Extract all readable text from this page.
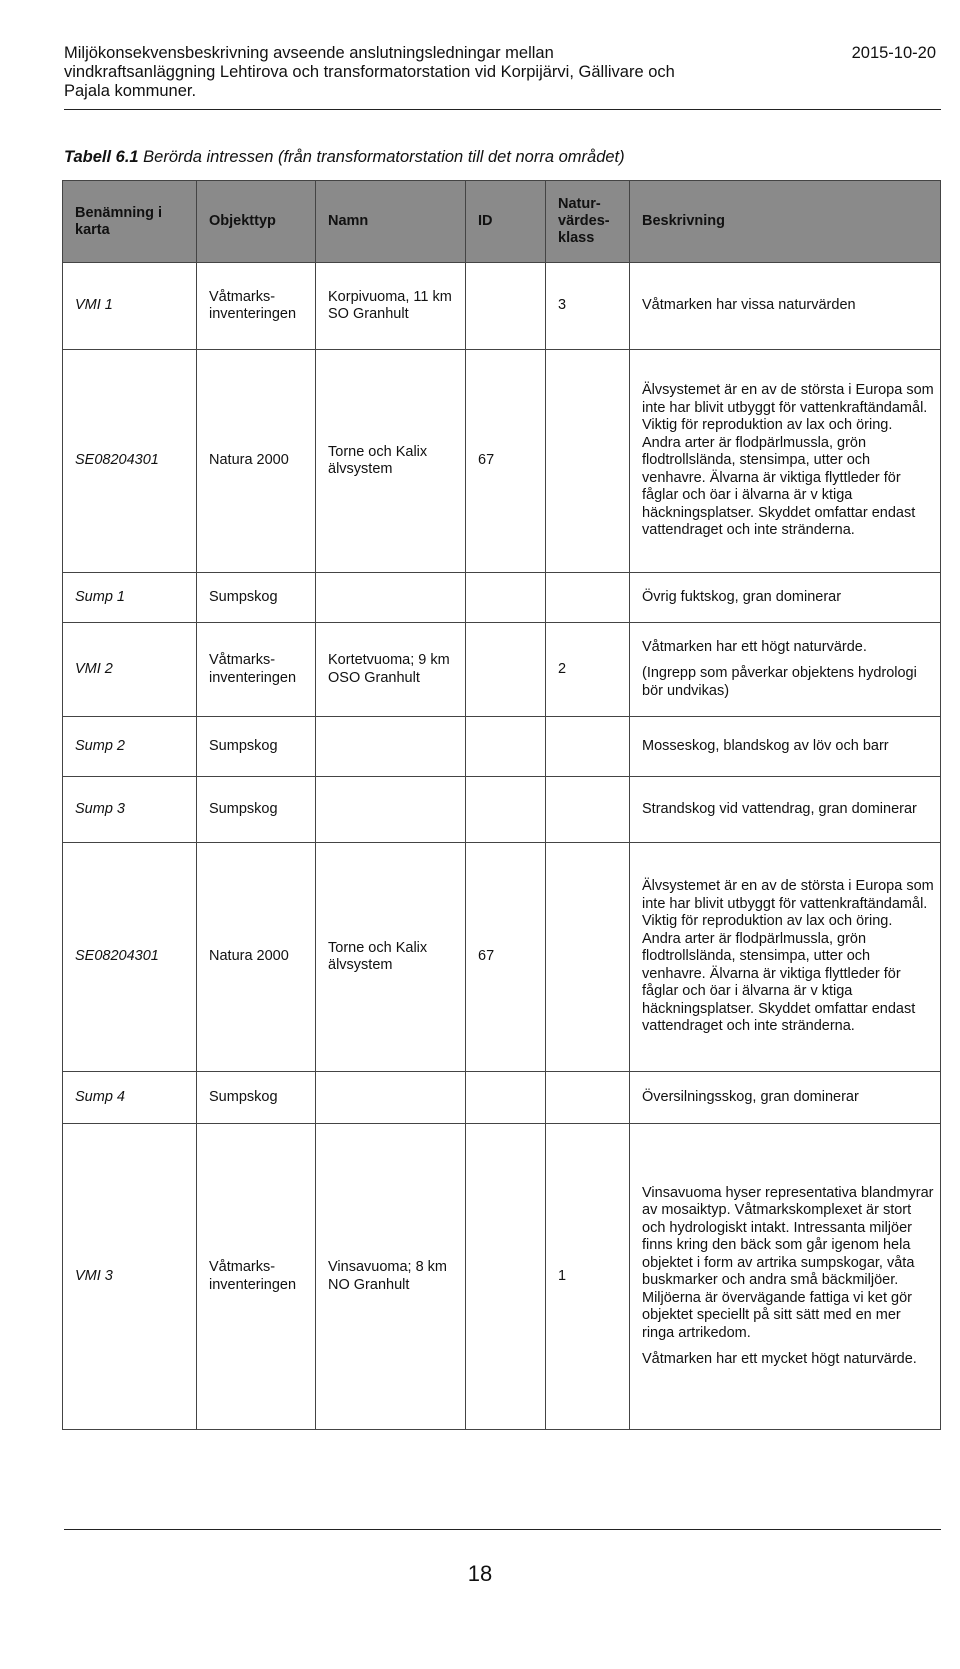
Miljökonsekvensbeskrivning avseende anslutningsledningar mellan vindkraftsanläggning Lehtirova och transformatorstation vid Korpijärvi, Gällivare och Pajala kommuner.
2015-10-20
Tabell 6.1 Berörda intressen (från transformatorstation till det norra området)
Benämning i karta	Objekttyp	Namn	ID	Natur-värdes-klass	Beskrivning
VMI 1	Våtmarks-inventeringen	Korpivuoma, 11 km SO Granhult		3	Våtmarken har vissa naturvärden

SE08204301	Natura 2000	Torne och Kalix älvsystem	67		Älvsystemet är en av de största i Europa som inte har blivit utbyggt för vattenkraftändamål. Viktig för reproduktion av lax och öring. Andra arter är flodpärlmussla, grön flodtrollslända, stensimpa, utter och venhavre. Älvarna är viktiga flyttleder för fåglar och öar i älvarna är v ktiga häckningsplatser. Skyddet omfattar endast vattendraget och inte stränderna.

Sump 1	Sumpskog				Övrig fuktskog, gran dominerar

VMI 2	Våtmarks-inventeringen	Kortetvuoma; 9 km OSO Granhult		2	Våtmarken har ett högt naturvärde.

(Ingrepp som påverkar objektens hydrologi bör undvikas)

Sump 2	Sumpskog				Mosseskog, blandskog av löv och barr

Sump 3	Sumpskog				Strandskog vid vattendrag, gran dominerar

SE08204301	Natura 2000	Torne och Kalix älvsystem	67		Älvsystemet är en av de största i Europa som inte har blivit utbyggt för vattenkraftändamål. Viktig för reproduktion av lax och öring. Andra arter är flodpärlmussla, grön flodtrollslända, stensimpa, utter och venhavre. Älvarna är viktiga flyttleder för fåglar och öar i älvarna är v ktiga häckningsplatser. Skyddet omfattar endast vattendraget och inte stränderna.

Sump 4	Sumpskog				Översilningsskog, gran dominerar

VMI 3	Våtmarks-inventeringen	Vinsavuoma; 8 km NO Granhult		1	Vinsavuoma hyser representativa blandmyrar av mosaiktyp. Våtmarkskomplexet är stort och hydrologiskt intakt. Intressanta miljöer finns kring den bäck som går igenom hela objektet i form av artrika sumpskogar, våta buskmarker och andra små bäckmiljöer. Miljöerna är övervägande fattiga vi ket gör objektet speciellt på sitt sätt med en mer ringa artrikedom.

Våtmarken har ett mycket högt naturvärde.

18
